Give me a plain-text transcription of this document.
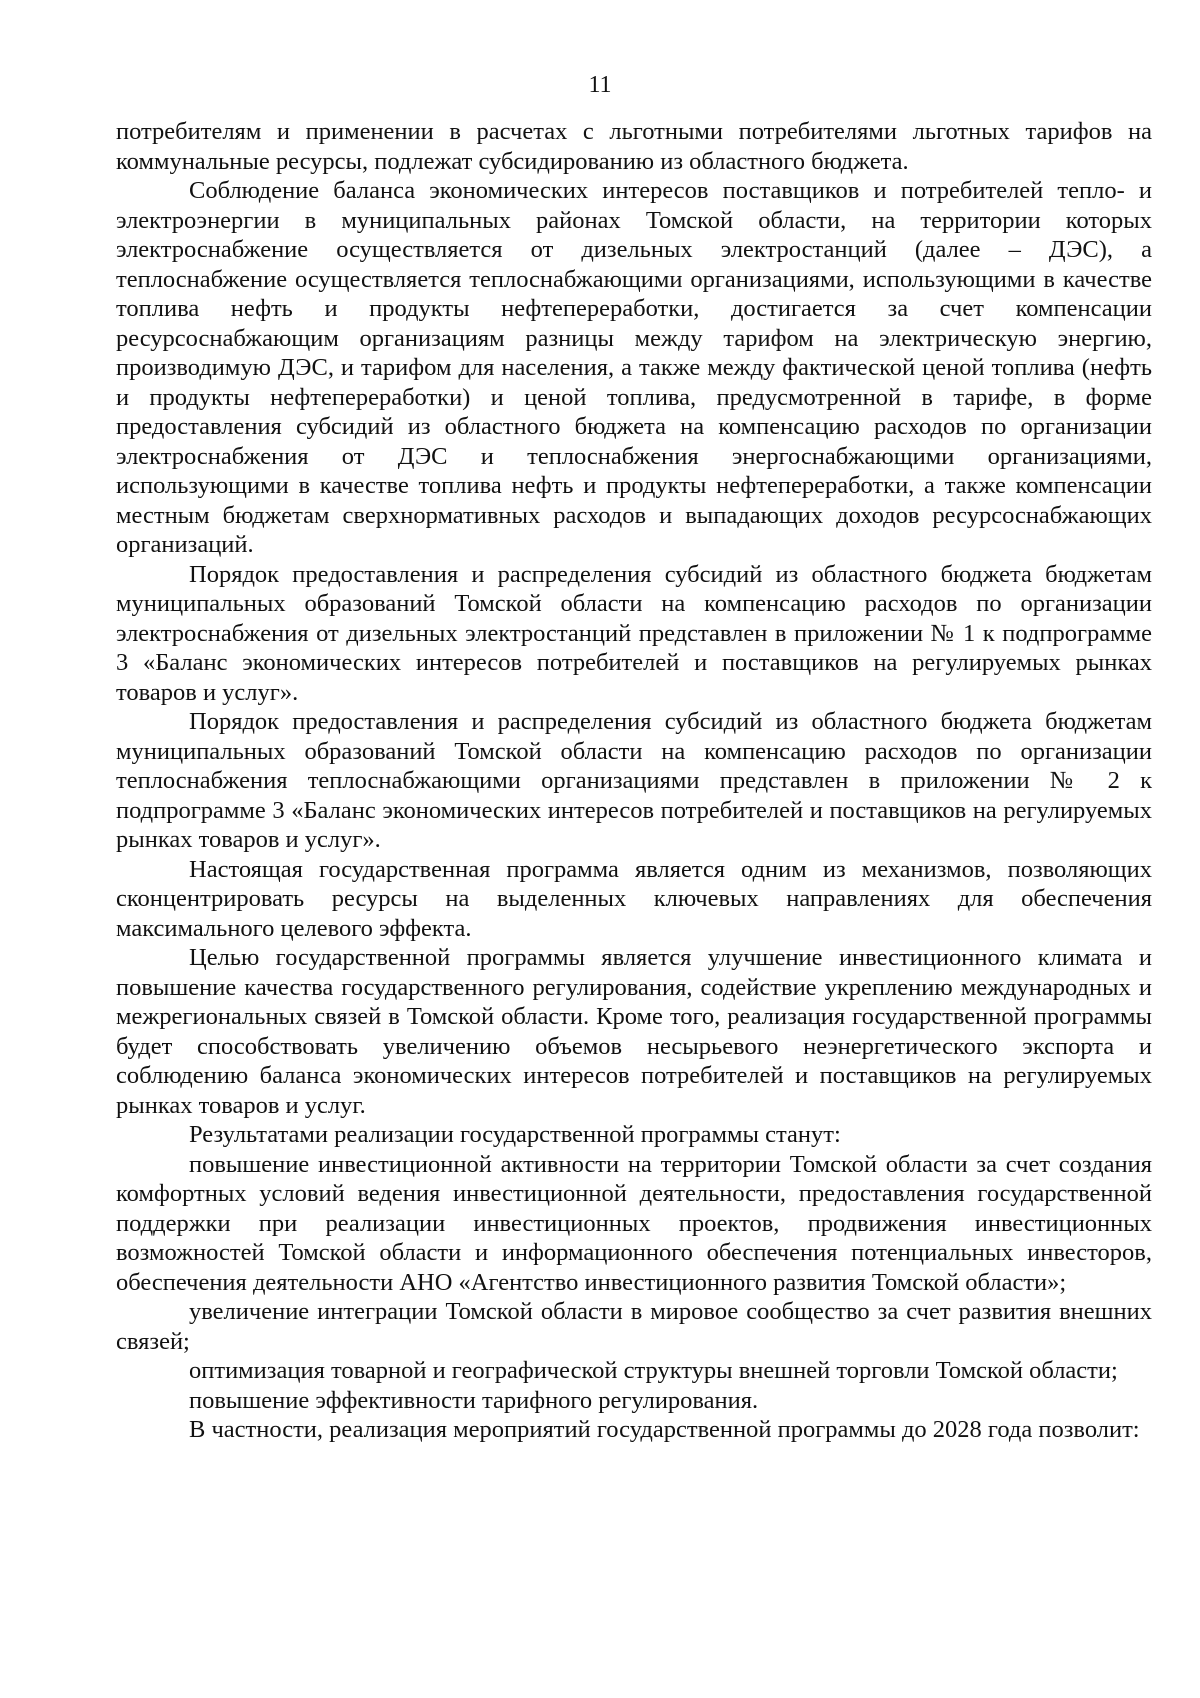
11

потребителям и применении в расчетах с льготными потребителями льготных тарифов на коммунальные ресурсы, подлежат субсидированию из областного бюджета.

Соблюдение баланса экономических интересов поставщиков и потребителей тепло- и электроэнергии в муниципальных районах Томской области, на территории которых электроснабжение осуществляется от дизельных электростанций (далее – ДЭС), а теплоснабжение осуществляется теплоснабжающими организациями, использующими в качестве топлива нефть и продукты нефтепереработки, достигается за счет компенсации ресурсоснабжающим организациям разницы между тарифом на электрическую энергию, производимую ДЭС, и тарифом для населения, а также между фактической ценой топлива (нефть и продукты нефтепереработки) и ценой топлива, предусмотренной в тарифе, в форме предоставления субсидий из областного бюджета на компенсацию расходов по организации электроснабжения от ДЭС и теплоснабжения энергоснабжающими организациями, использующими в качестве топлива нефть и продукты нефтепереработки, а также компенсации местным бюджетам сверхнормативных расходов и выпадающих доходов ресурсоснабжающих организаций.

Порядок предоставления и распределения субсидий из областного бюджета бюджетам муниципальных образований Томской области на компенсацию расходов по организации электроснабжения от дизельных электростанций представлен в приложении № 1 к подпрограмме 3 «Баланс экономических интересов потребителей и поставщиков на регулируемых рынках товаров и услуг».

Порядок предоставления и распределения субсидий из областного бюджета бюджетам муниципальных образований Томской области на компенсацию расходов по организации теплоснабжения теплоснабжающими организациями представлен в приложении № 2 к подпрограмме 3 «Баланс экономических интересов потребителей и поставщиков на регулируемых рынках товаров и услуг».

Настоящая государственная программа является одним из механизмов, позволяющих сконцентрировать ресурсы на выделенных ключевых направлениях для обеспечения максимального целевого эффекта.

Целью государственной программы является улучшение инвестиционного климата и повышение качества государственного регулирования, содействие укреплению международных и межрегиональных связей в Томской области. Кроме того, реализация государственной программы будет способствовать увеличению объемов несырьевого неэнергетического экспорта и соблюдению баланса экономических интересов потребителей и поставщиков на регулируемых рынках товаров и услуг.

Результатами реализации государственной программы станут:

повышение инвестиционной активности на территории Томской области за счет создания комфортных условий ведения инвестиционной деятельности, предоставления государственной поддержки при реализации инвестиционных проектов, продвижения инвестиционных возможностей Томской области и информационного обеспечения потенциальных инвесторов, обеспечения деятельности АНО «Агентство инвестиционного развития Томской области»;

увеличение интеграции Томской области в мировое сообщество за счет развития внешних связей;

оптимизация товарной и географической структуры внешней торговли Томской области;

повышение эффективности тарифного регулирования.

В частности, реализация мероприятий государственной программы до 2028 года позволит:
